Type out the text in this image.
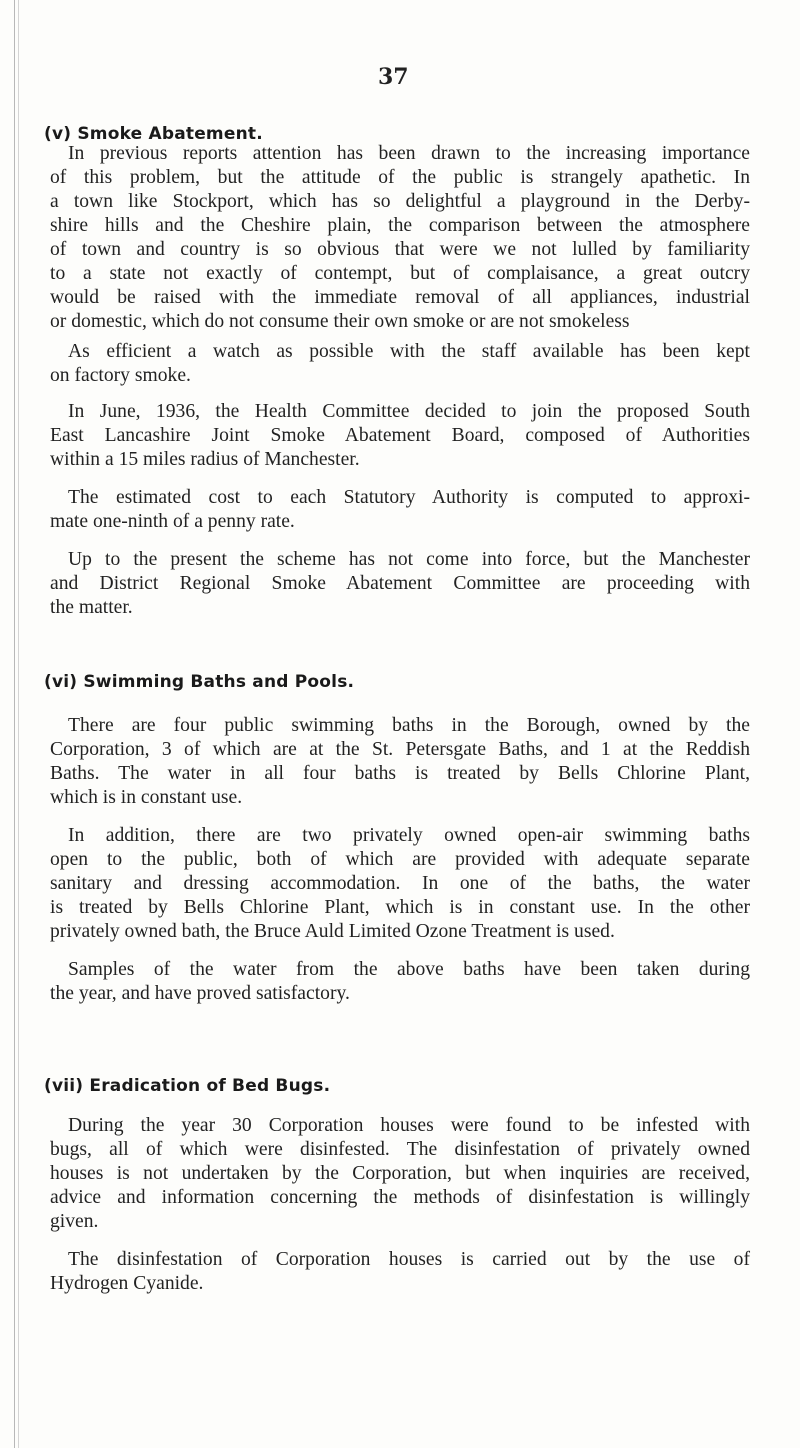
37
(v) Smoke Abatement.
In previous reports attention has been drawn to the increasing importance
of this problem, but the attitude of the public is strangely apathetic. In
a town like Stockport, which has so delightful a playground in the Derby-
shire hills and the Cheshire plain, the comparison between the atmosphere
of town and country is so obvious that were we not lulled by familiarity
to a state not exactly of contempt, but of complaisance, a great outcry
would be raised with the immediate removal of all appliances, industrial
or domestic, which do not consume their own smoke or are not smokeless
As efficient a watch as possible with the staff available has been kept
on factory smoke.
In June, 1936, the Health Committee decided to join the proposed South
East Lancashire Joint Smoke Abatement Board, composed of Authorities
within a 15 miles radius of Manchester.
The estimated cost to each Statutory Authority is computed to approxi-
mate one-ninth of a penny rate.
Up to the present the scheme has not come into force, but the Manchester
and District Regional Smoke Abatement Committee are proceeding with
the matter.
(vi) Swimming Baths and Pools.
There are four public swimming baths in the Borough, owned by the
Corporation, 3 of which are at the St. Petersgate Baths, and 1 at the Reddish
Baths. The water in all four baths is treated by Bells Chlorine Plant,
which is in constant use.
In addition, there are two privately owned open-air swimming baths
open to the public, both of which are provided with adequate separate
sanitary and dressing accommodation. In one of the baths, the water
is treated by Bells Chlorine Plant, which is in constant use. In the other
privately owned bath, the Bruce Auld Limited Ozone Treatment is used.
Samples of the water from the above baths have been taken during
the year, and have proved satisfactory.
(vii) Eradication of Bed Bugs.
During the year 30 Corporation houses were found to be infested with
bugs, all of which were disinfested. The disinfestation of privately owned
houses is not undertaken by the Corporation, but when inquiries are received,
advice and information concerning the methods of disinfestation is willingly
given.
The disinfestation of Corporation houses is carried out by the use of
Hydrogen Cyanide.
